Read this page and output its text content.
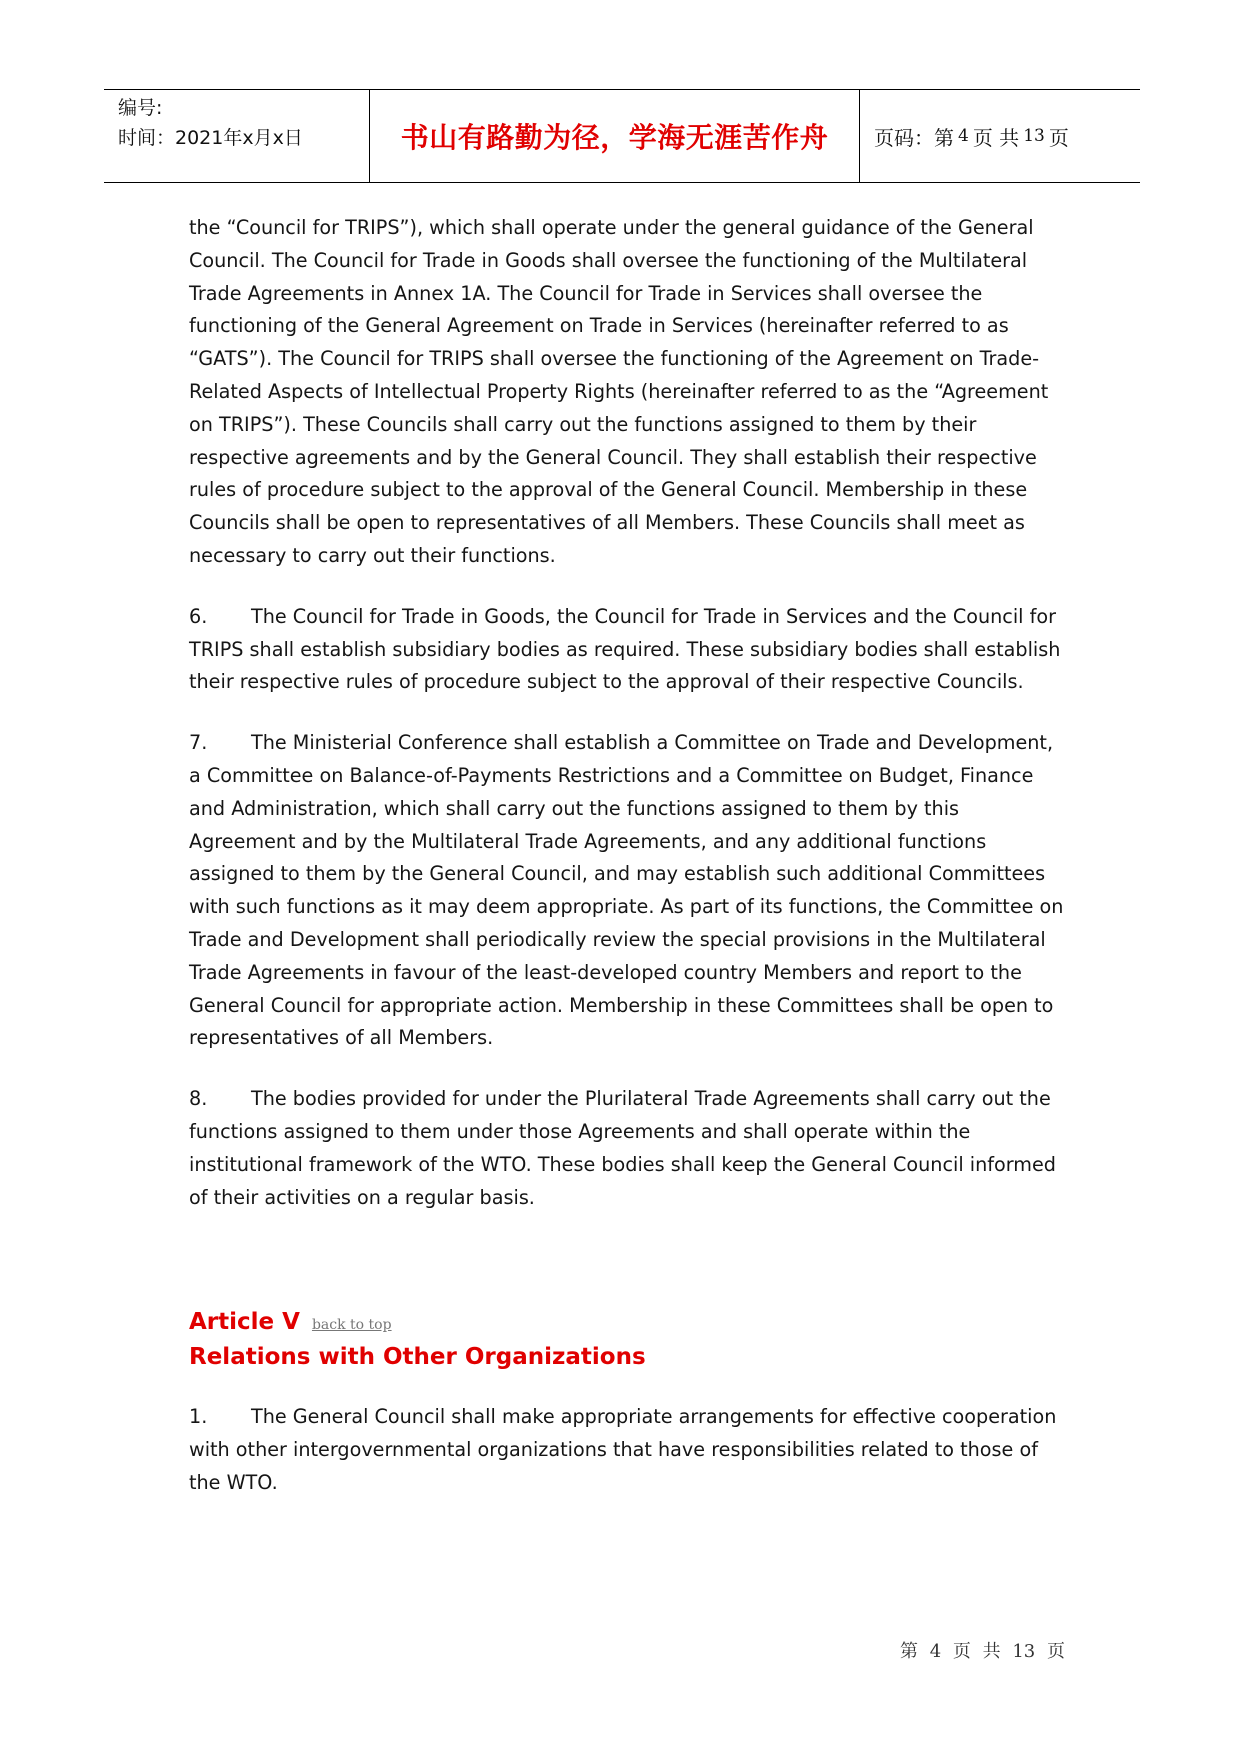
编号:
时间：2021年x月x日	书山有路勤为径，学海无涯苦作舟	页码：第 4 页 共 13 页

the “Council for TRIPS”), which shall operate under the general guidance of the General Council. The Council for Trade in Goods shall oversee the functioning of the Multilateral Trade Agreements in Annex 1A. The Council for Trade in Services shall oversee the functioning of the General Agreement on Trade in Services (hereinafter referred to as “GATS”). The Council for TRIPS shall oversee the functioning of the Agreement on Trade-Related Aspects of Intellectual Property Rights (hereinafter referred to as the “Agreement on TRIPS”). These Councils shall carry out the functions assigned to them by their respective agreements and by the General Council. They shall establish their respective rules of procedure subject to the approval of the General Council. Membership in these Councils shall be open to representatives of all Members. These Councils shall meet as necessary to carry out their functions.

6. The Council for Trade in Goods, the Council for Trade in Services and the Council for TRIPS shall establish subsidiary bodies as required. These subsidiary bodies shall establish their respective rules of procedure subject to the approval of their respective Councils.

7. The Ministerial Conference shall establish a Committee on Trade and Development, a Committee on Balance-of-Payments Restrictions and a Committee on Budget, Finance and Administration, which shall carry out the functions assigned to them by this Agreement and by the Multilateral Trade Agreements, and any additional functions assigned to them by the General Council, and may establish such additional Committees with such functions as it may deem appropriate. As part of its functions, the Committee on Trade and Development shall periodically review the special provisions in the Multilateral Trade Agreements in favour of the least-developed country Members and report to the General Council for appropriate action. Membership in these Committees shall be open to representatives of all Members.

8. The bodies provided for under the Plurilateral Trade Agreements shall carry out the functions assigned to them under those Agreements and shall operate within the institutional framework of the WTO. These bodies shall keep the General Council informed of their activities on a regular basis.

Article V back to top
Relations with Other Organizations

1. The General Council shall make appropriate arrangements for effective cooperation with other intergovernmental organizations that have responsibilities related to those of the WTO.

第 4 页 共 13 页
